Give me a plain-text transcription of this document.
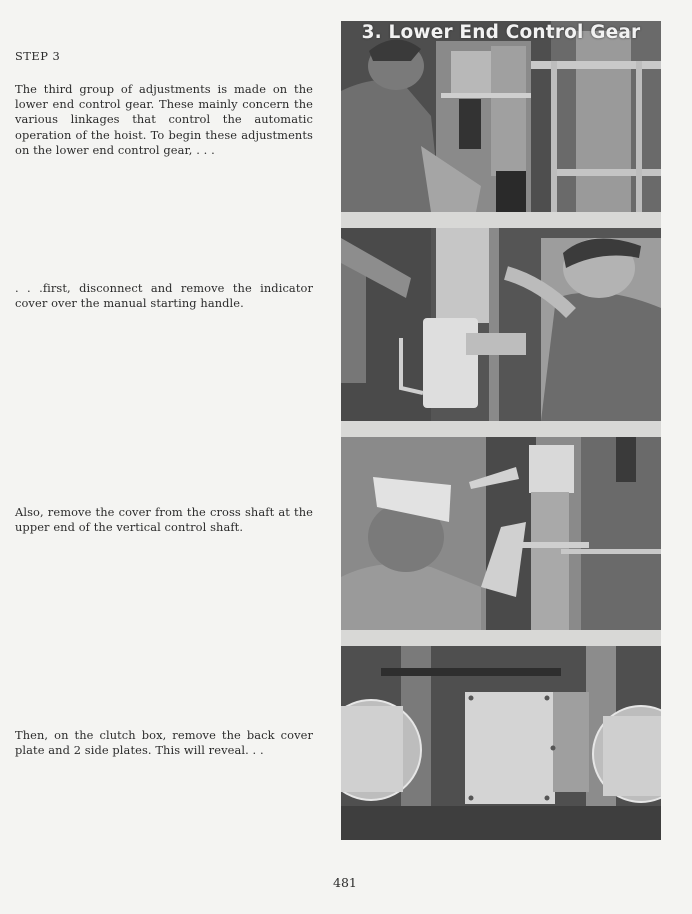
STEP 3

The third group of adjustments is made on the lower end control gear. These mainly concern the various linkages that control the automatic operation of the hoist. To begin these adjustments on the lower end control gear, . . .

. . .first, disconnect and remove the indicator cover over the manual starting handle.

Also, remove the cover from the cross shaft at the upper end of the vertical control shaft.

Then, on the clutch box, remove the back cover plate and 2 side plates. This will reveal. . .

3. Lower End Control Gear
481
